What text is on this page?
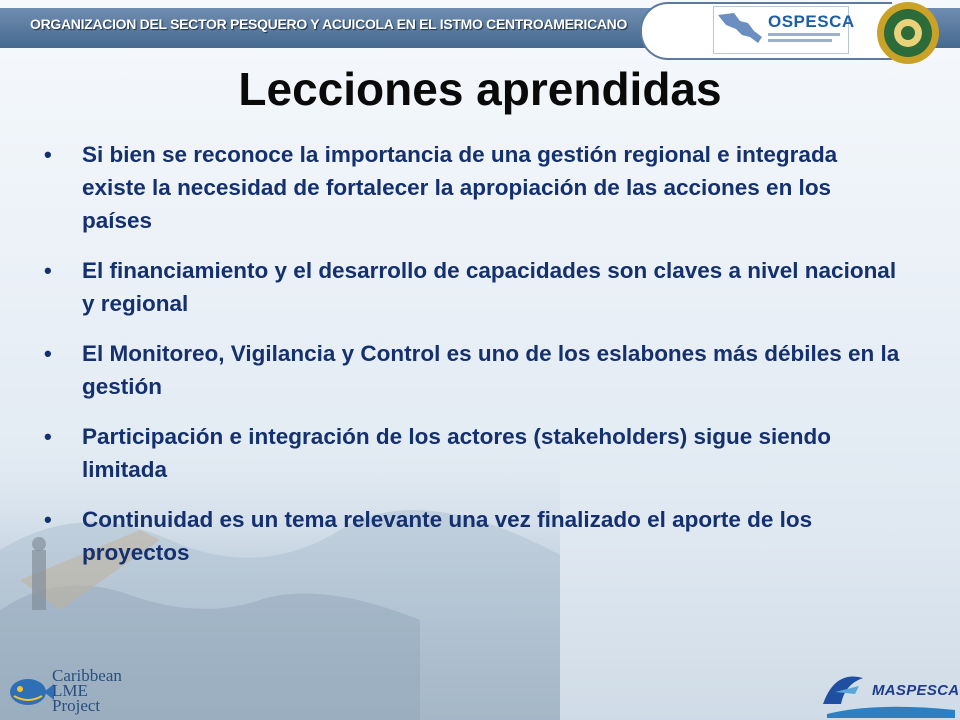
ORGANIZACION DEL SECTOR PESQUERO Y ACUICOLA EN EL ISTMO CENTROAMERICANO	OSPESCA
Lecciones aprendidas
• Si bien se reconoce la importancia de una gestión regional e integrada existe la necesidad de fortalecer la apropiación de las acciones en los países
• El financiamiento y el desarrollo de capacidades son claves a nivel nacional y regional
• El Monitoreo, Vigilancia y Control es uno de los eslabones más débiles en la gestión
• Participación e integración de los actores (stakeholders) sigue siendo limitada
• Continuidad es un tema relevante una vez finalizado el aporte de los proyectos
Caribbean
LME
Project
MASPESCA
